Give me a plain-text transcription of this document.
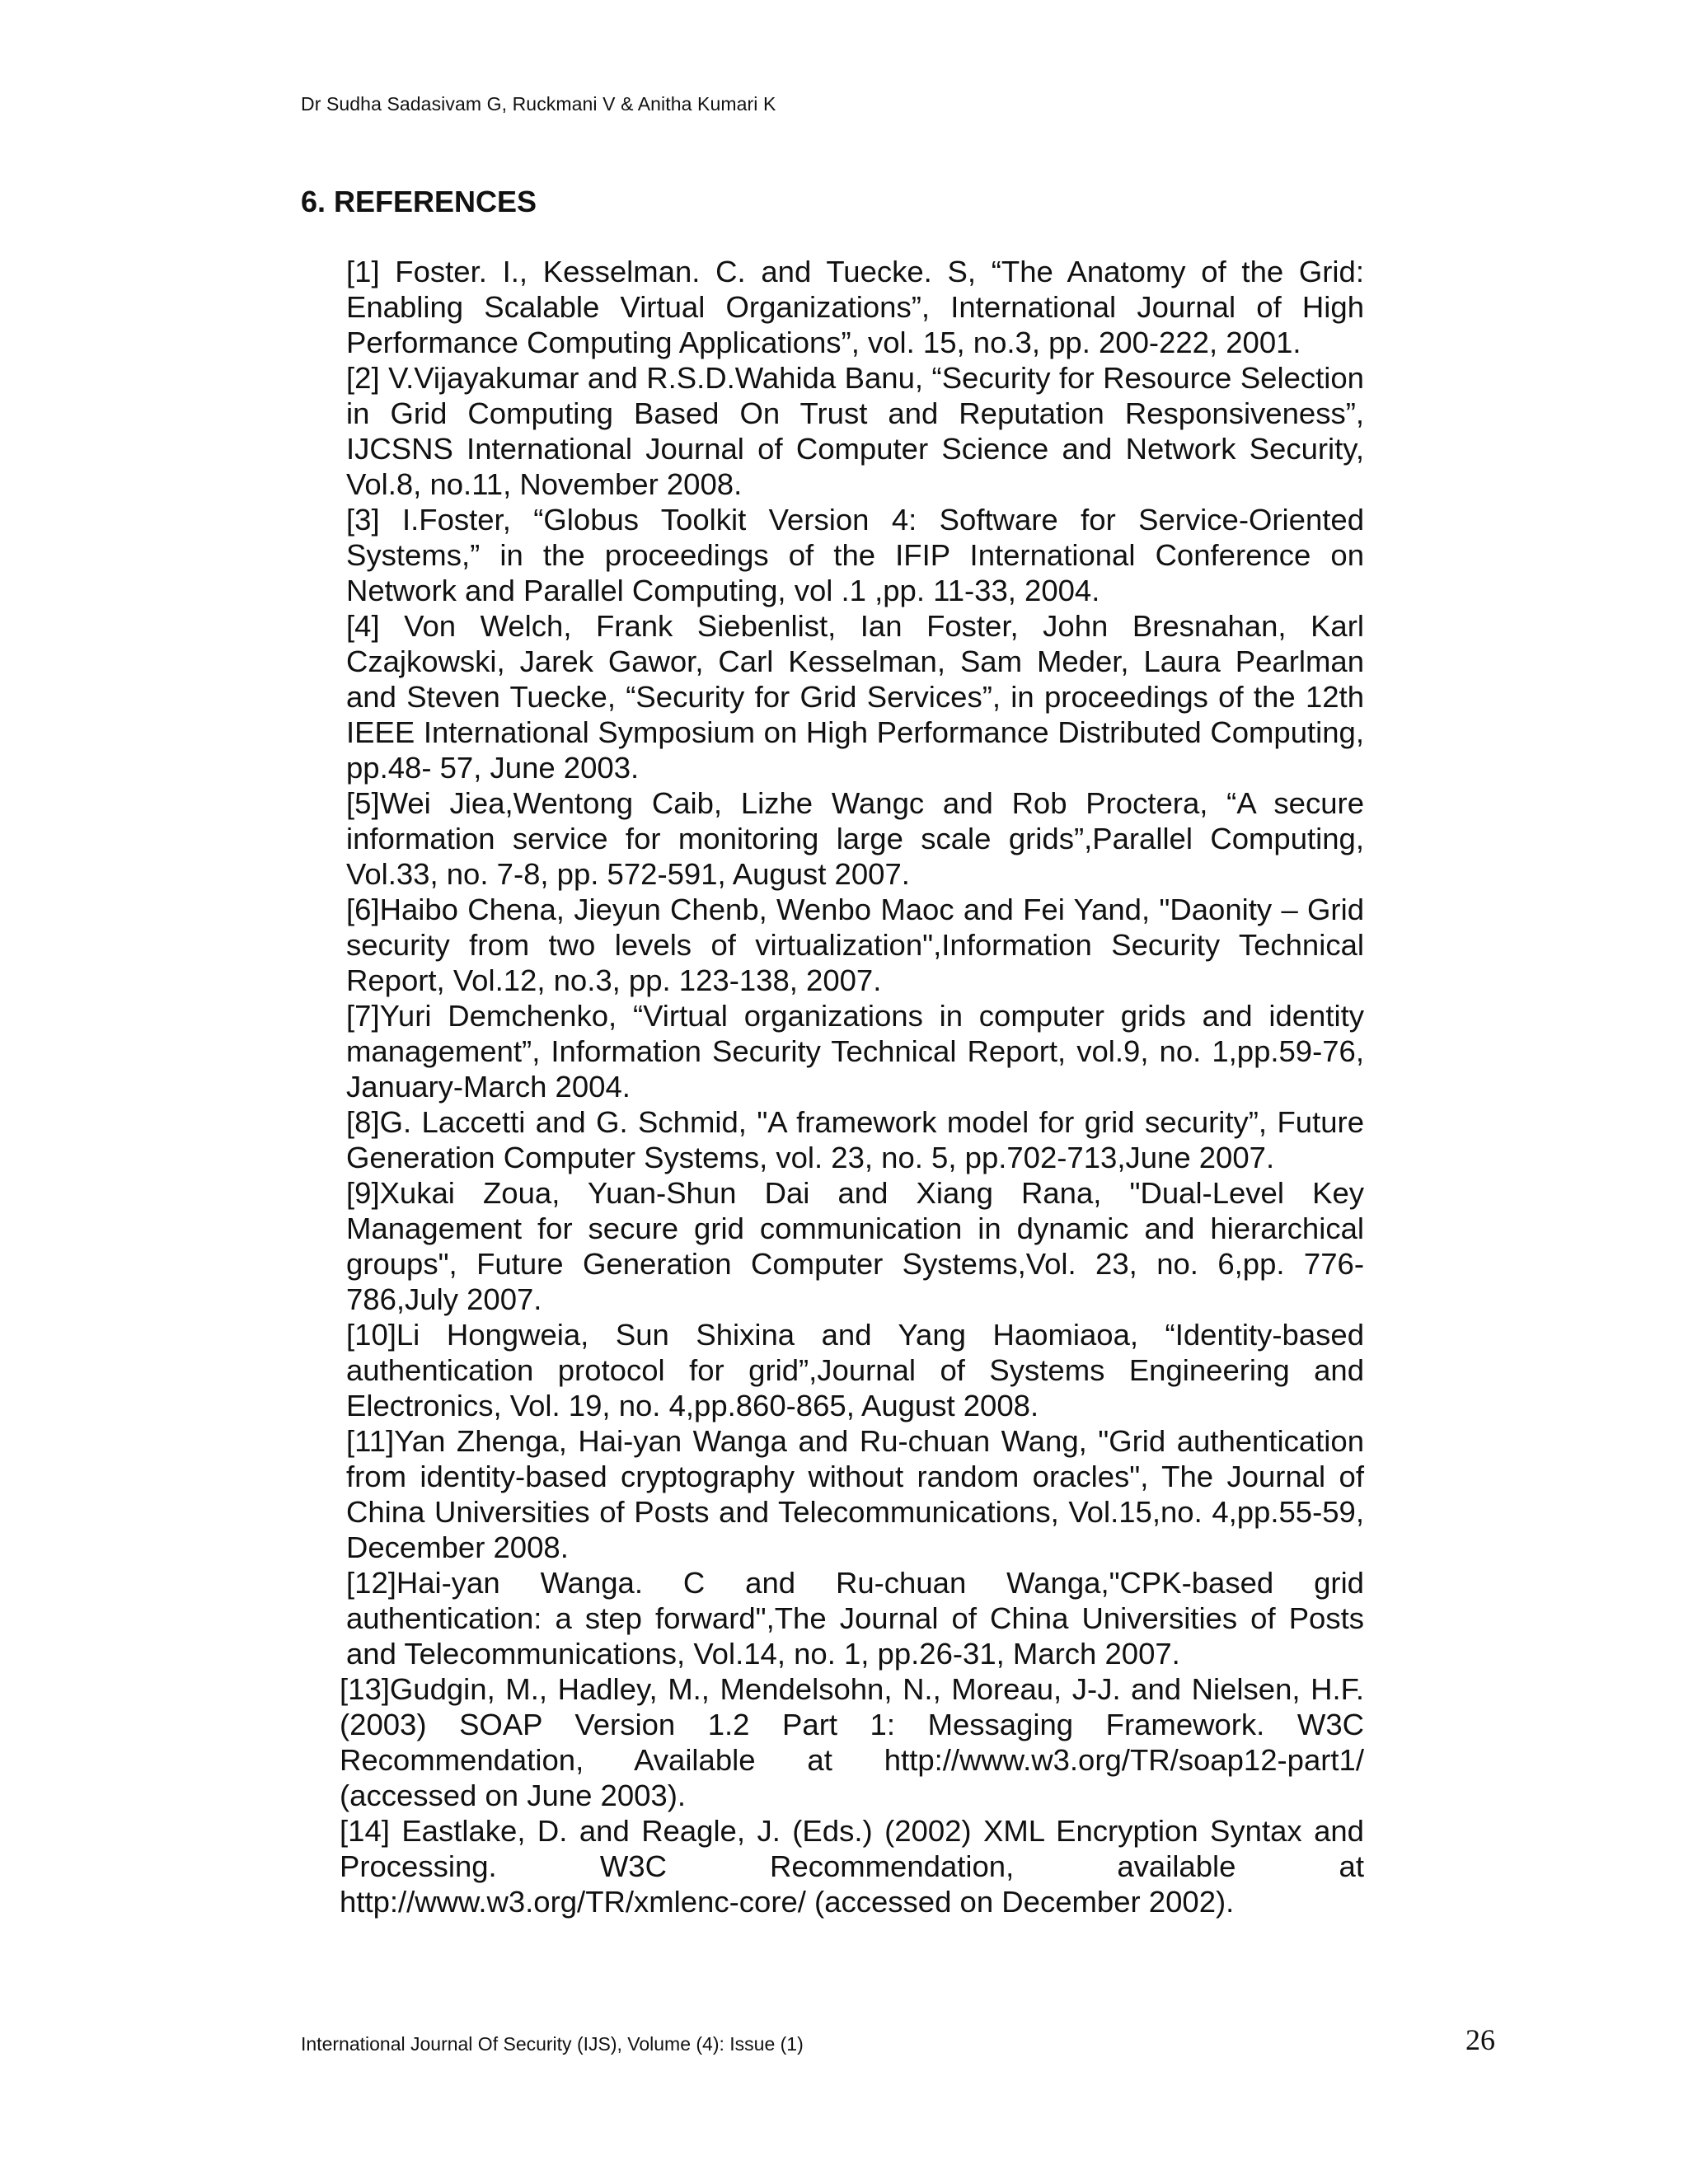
Dr Sudha Sadasivam G, Ruckmani V & Anitha Kumari K
6. REFERENCES

[1] Foster. I., Kesselman. C. and Tuecke. S, “The Anatomy of the Grid: Enabling Scalable Virtual Organizations”, International Journal of High Performance Computing Applications”, vol. 15, no.3, pp. 200-222, 2001.

[2] V.Vijayakumar and R.S.D.Wahida Banu, “Security for Resource Selection in Grid Computing Based On Trust and Reputation Responsiveness”, IJCSNS International Journal of Computer Science and Network Security, Vol.8, no.11, November 2008.

[3] I.Foster, “Globus Toolkit Version 4: Software for Service-Oriented Systems,” in the proceedings of the IFIP International Conference on Network and Parallel Computing, vol .1 ,pp. 11-33, 2004.

[4] Von Welch, Frank Siebenlist, Ian Foster, John Bresnahan, Karl Czajkowski, Jarek Gawor, Carl Kesselman, Sam Meder, Laura Pearlman and Steven Tuecke, “Security for Grid Services”, in proceedings of the 12th IEEE International Symposium on High Performance Distributed Computing, pp.48- 57, June 2003.

[5]Wei Jiea,Wentong Caib, Lizhe Wangc and Rob Proctera, “A secure information service for monitoring large scale grids”,Parallel Computing, Vol.33, no. 7-8, pp. 572-591, August 2007.

[6]Haibo Chena, Jieyun Chenb, Wenbo Maoc and Fei Yand, "Daonity – Grid security from two levels of virtualization",Information Security Technical Report, Vol.12, no.3, pp. 123-138, 2007.

[7]Yuri Demchenko, “Virtual organizations in computer grids and identity management”, Information Security Technical Report, vol.9, no. 1,pp.59-76, January-March 2004.

[8]G. Laccetti and G. Schmid, "A framework model for grid security”, Future Generation Computer Systems, vol. 23, no. 5, pp.702-713,June 2007.

[9]Xukai Zoua, Yuan-Shun Dai and Xiang Rana, "Dual-Level Key Management for secure grid communication in dynamic and hierarchical groups", Future Generation Computer Systems,Vol. 23, no. 6,pp. 776-786,July 2007.

[10]Li Hongweia, Sun Shixina and Yang Haomiaoa, “Identity-based authentication protocol for grid”,Journal of Systems Engineering and Electronics, Vol. 19, no. 4,pp.860-865, August 2008.

[11]Yan Zhenga, Hai-yan Wanga and Ru-chuan Wang, "Grid authentication from identity-based cryptography without random oracles", The Journal of China Universities of Posts and Telecommunications, Vol.15,no. 4,pp.55-59, December 2008.

[12]Hai-yan Wanga. C and Ru-chuan Wanga,"CPK-based grid authentication: a step forward",The Journal of China Universities of Posts and Telecommunications, Vol.14, no. 1, pp.26-31, March 2007.

[13]Gudgin, M., Hadley, M., Mendelsohn, N., Moreau, J-J. and Nielsen, H.F. (2003) SOAP Version 1.2 Part 1: Messaging Framework. W3C Recommendation, Available at http://www.w3.org/TR/soap12-part1/ (accessed on June 2003).

[14] Eastlake, D. and Reagle, J. (Eds.) (2002) XML Encryption Syntax and Processing. W3C Recommendation, available at http://www.w3.org/TR/xmlenc-core/ (accessed on December 2002).

International Journal Of Security (IJS), Volume (4): Issue (1)	26
